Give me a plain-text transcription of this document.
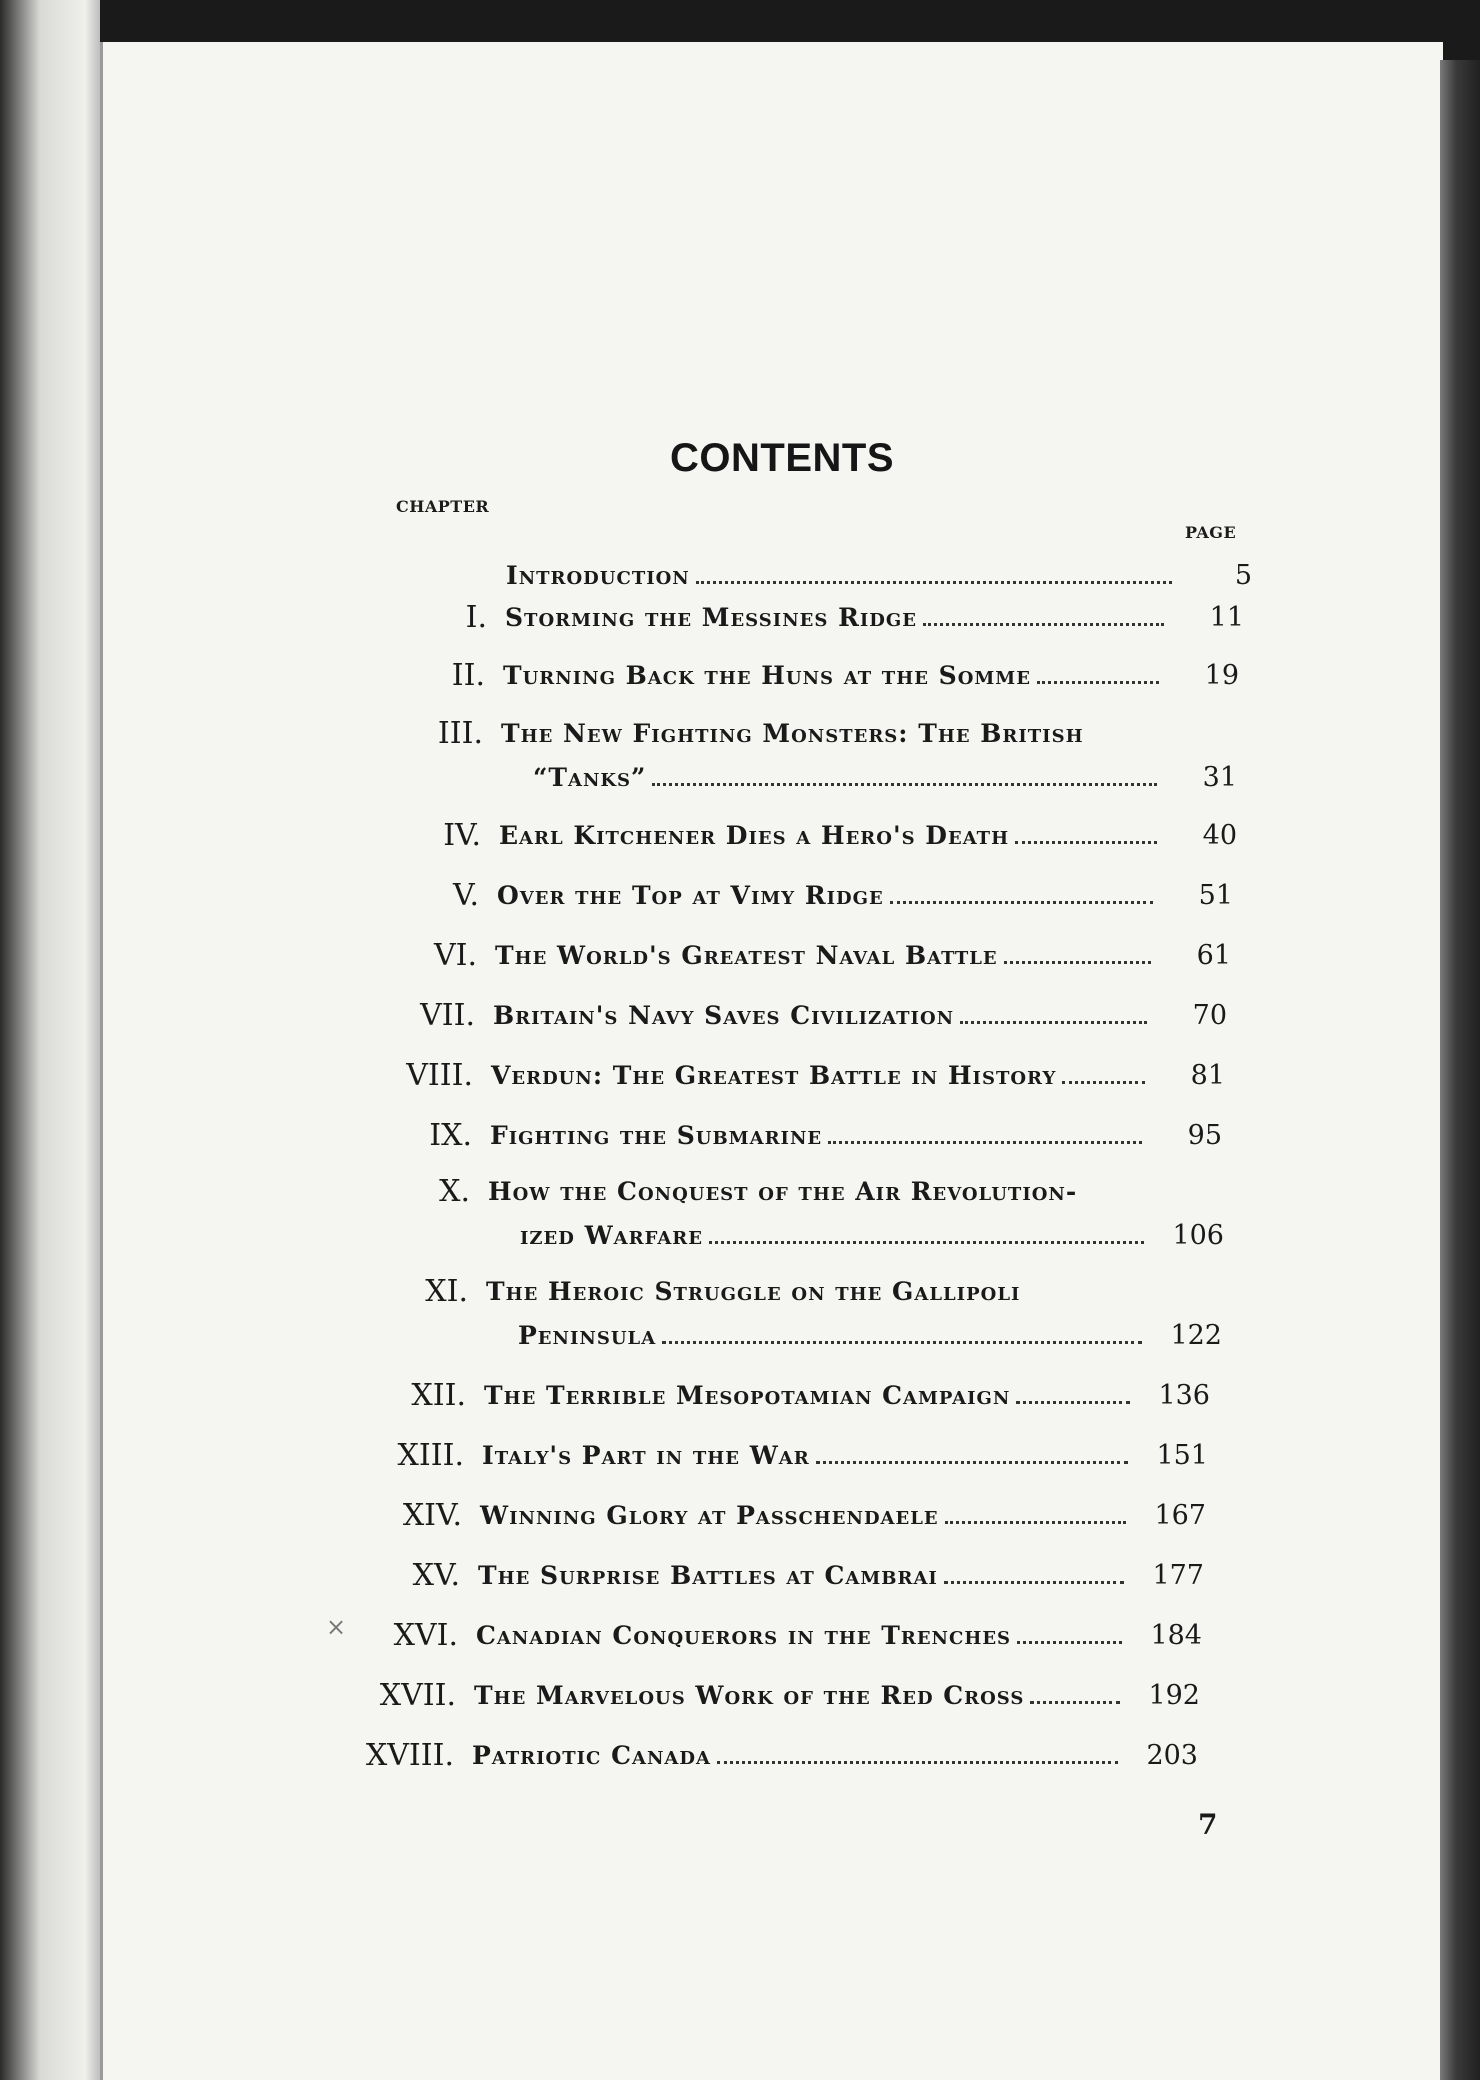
CONTENTS
CHAPTER
PAGE
Introduction	5
I. Storming the Messines Ridge	11
II. Turning Back the Huns at the Somme	19
III. The New Fighting Monsters: The British
“Tanks”	31
IV. Earl Kitchener Dies a Hero's Death	40
V. Over the Top at Vimy Ridge	51
VI. The World's Greatest Naval Battle	61
VII. Britain's Navy Saves Civilization	70
VIII. Verdun: The Greatest Battle in History	81
IX. Fighting the Submarine	95
X. How the Conquest of the Air Revolution-
ized Warfare	106
XI. The Heroic Struggle on the Gallipoli
Peninsula	122
XII. The Terrible Mesopotamian Campaign	136
XIII. Italy's Part in the War	151
XIV. Winning Glory at Passchendaele	167
XV. The Surprise Battles at Cambrai	177
XVI. Canadian Conquerors in the Trenches	184
XVII. The Marvelous Work of the Red Cross	192
XVIII. Patriotic Canada	203
×
7
